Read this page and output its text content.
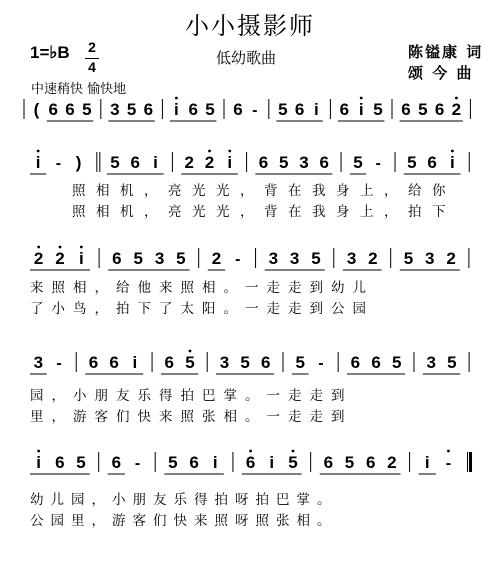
小小摄影师
1=♭B 2
4	低幼歌曲	陈镒康 词
颂 今 曲
中速稍快 愉快地
( 6 6 5 3 5 6 i 6 5 6 - 5 6 i 6 i 5 6 5 6 2
i - ) 5 6 i 2 2 i 6 5 3 6 5 - 5 6 i
2 2 i 6 5 3 5 2 - 3 3 5 3 2 5 3 2
3 - 6 6 i 6 5 3 5 6 5 - 6 6 5 3 5
i 6 5 6 - 5 6 i 6 i 5 6 5 6 2 i -
照相机，亮光光，背在我身上，给你
照相机，亮光光，背在我身上，拍下
来照相，给他来照相。一走走到幼儿
了小鸟，拍下了太阳。一走走到公园
园，小朋友乐得拍巴掌。一走走到
里，游客们快来照张相。一走走到
幼儿园，小朋友乐得拍呀拍巴掌。
公园里，游客们快来照呀照张相。
